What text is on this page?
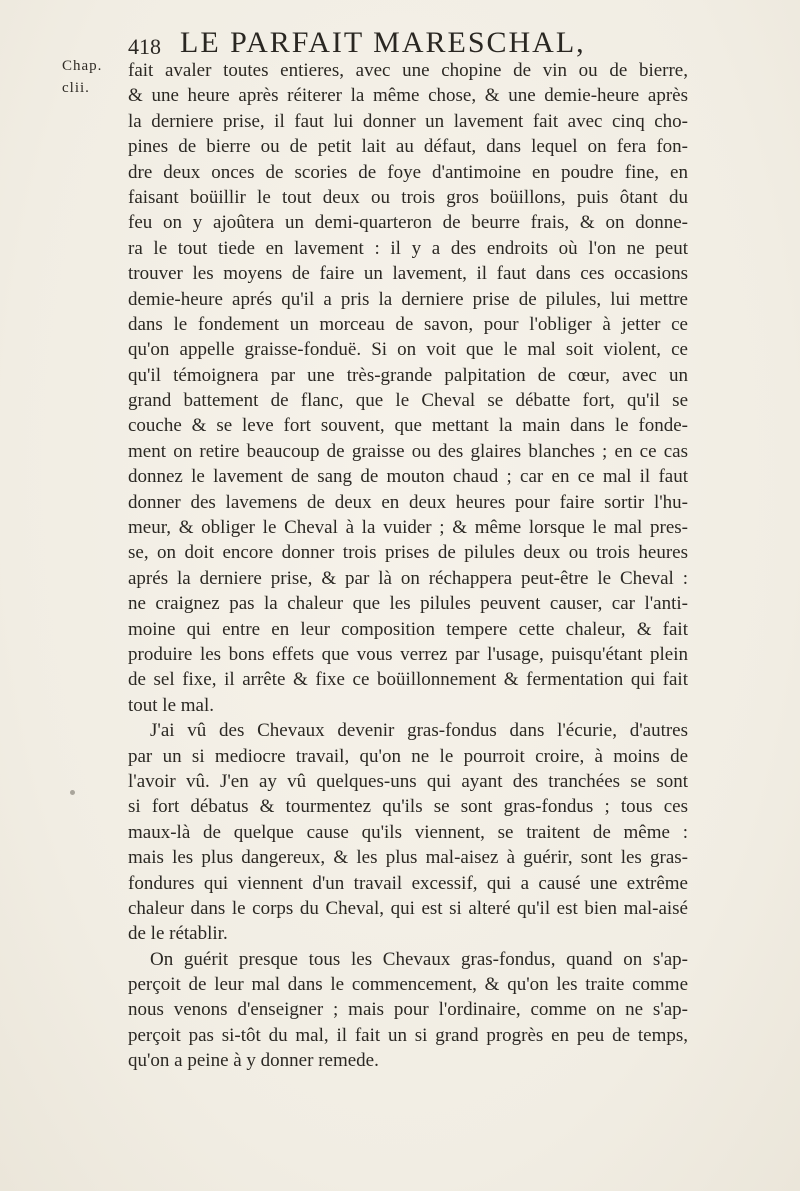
418 LE PARFAIT MARESCHAL,
Chap.
clii.
fait avaler toutes entieres, avec une chopine de vin ou de bierre,
& une heure après réiterer la même chose, & une demie-heure après
la derniere prise, il faut lui donner un lavement fait avec cinq cho-
pines de bierre ou de petit lait au défaut, dans lequel on fera fon-
dre deux onces de scories de foye d'antimoine en poudre fine, en
faisant boüillir le tout deux ou trois gros boüillons, puis ôtant du
feu on y ajoûtera un demi-quarteron de beurre frais, & on donne-
ra le tout tiede en lavement : il y a des endroits où l'on ne peut
trouver les moyens de faire un lavement, il faut dans ces occasions
demie-heure aprés qu'il a pris la derniere prise de pilules, lui mettre
dans le fondement un morceau de savon, pour l'obliger à jetter ce
qu'on appelle graisse-fonduë. Si on voit que le mal soit violent, ce
qu'il témoignera par une très-grande palpitation de cœur, avec un
grand battement de flanc, que le Cheval se débatte fort, qu'il se
couche & se leve fort souvent, que mettant la main dans le fonde-
ment on retire beaucoup de graisse ou des glaires blanches ; en ce cas
donnez le lavement de sang de mouton chaud ; car en ce mal il faut
donner des lavemens de deux en deux heures pour faire sortir l'hu-
meur, & obliger le Cheval à la vuider ; & même lorsque le mal pres-
se, on doit encore donner trois prises de pilules deux ou trois heures
aprés la derniere prise, & par là on réchappera peut-être le Cheval :
ne craignez pas la chaleur que les pilules peuvent causer, car l'anti-
moine qui entre en leur composition tempere cette chaleur, & fait
produire les bons effets que vous verrez par l'usage, puisqu'étant plein
de sel fixe, il arrête & fixe ce boüillonnement & fermentation qui fait
tout le mal.
J'ai vû des Chevaux devenir gras-fondus dans l'écurie, d'autres
par un si mediocre travail, qu'on ne le pourroit croire, à moins de
l'avoir vû. J'en ay vû quelques-uns qui ayant des tranchées se sont
si fort débatus & tourmentez qu'ils se sont gras-fondus ; tous ces
maux-là de quelque cause qu'ils viennent, se traitent de même :
mais les plus dangereux, & les plus mal-aisez à guérir, sont les gras-
fondures qui viennent d'un travail excessif, qui a causé une extrême
chaleur dans le corps du Cheval, qui est si alteré qu'il est bien mal-aisé
de le rétablir.
On guérit presque tous les Chevaux gras-fondus, quand on s'ap-
perçoit de leur mal dans le commencement, & qu'on les traite comme
nous venons d'enseigner ; mais pour l'ordinaire, comme on ne s'ap-
perçoit pas si-tôt du mal, il fait un si grand progrès en peu de temps,
qu'on a peine à y donner remede.
